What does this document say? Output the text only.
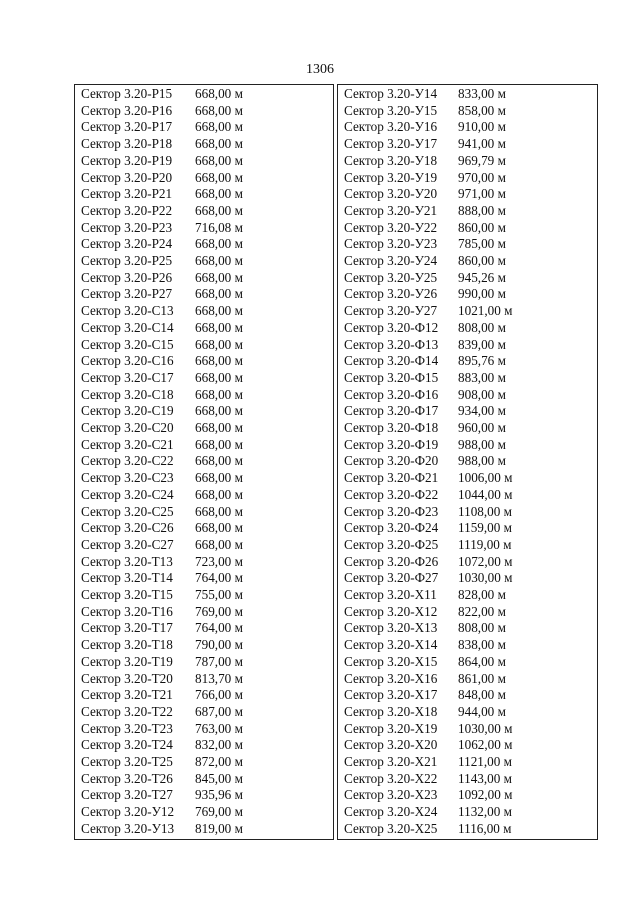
1306
Сектор 3.20-Р15 668,00 м
Сектор 3.20-Р16 668,00 м
Сектор 3.20-Р17 668,00 м
Сектор 3.20-Р18 668,00 м
Сектор 3.20-Р19 668,00 м
Сектор 3.20-Р20 668,00 м
Сектор 3.20-Р21 668,00 м
Сектор 3.20-Р22 668,00 м
Сектор 3.20-Р23 716,08 м
Сектор 3.20-Р24 668,00 м
Сектор 3.20-Р25 668,00 м
Сектор 3.20-Р26 668,00 м
Сектор 3.20-Р27 668,00 м
Сектор 3.20-С13 668,00 м
Сектор 3.20-С14 668,00 м
Сектор 3.20-С15 668,00 м
Сектор 3.20-С16 668,00 м
Сектор 3.20-С17 668,00 м
Сектор 3.20-С18 668,00 м
Сектор 3.20-С19 668,00 м
Сектор 3.20-С20 668,00 м
Сектор 3.20-С21 668,00 м
Сектор 3.20-С22 668,00 м
Сектор 3.20-С23 668,00 м
Сектор 3.20-С24 668,00 м
Сектор 3.20-С25 668,00 м
Сектор 3.20-С26 668,00 м
Сектор 3.20-С27 668,00 м
Сектор 3.20-Т13 723,00 м
Сектор 3.20-Т14 764,00 м
Сектор 3.20-Т15 755,00 м
Сектор 3.20-Т16 769,00 м
Сектор 3.20-Т17 764,00 м
Сектор 3.20-Т18 790,00 м
Сектор 3.20-Т19 787,00 м
Сектор 3.20-Т20 813,70 м
Сектор 3.20-Т21 766,00 м
Сектор 3.20-Т22 687,00 м
Сектор 3.20-Т23 763,00 м
Сектор 3.20-Т24 832,00 м
Сектор 3.20-Т25 872,00 м
Сектор 3.20-Т26 845,00 м
Сектор 3.20-Т27 935,96 м
Сектор 3.20-У12 769,00 м
Сектор 3.20-У13 819,00 м
Сектор 3.20-У14 833,00 м
Сектор 3.20-У15 858,00 м
Сектор 3.20-У16 910,00 м
Сектор 3.20-У17 941,00 м
Сектор 3.20-У18 969,79 м
Сектор 3.20-У19 970,00 м
Сектор 3.20-У20 971,00 м
Сектор 3.20-У21 888,00 м
Сектор 3.20-У22 860,00 м
Сектор 3.20-У23 785,00 м
Сектор 3.20-У24 860,00 м
Сектор 3.20-У25 945,26 м
Сектор 3.20-У26 990,00 м
Сектор 3.20-У27 1021,00 м
Сектор 3.20-Ф12 808,00 м
Сектор 3.20-Ф13 839,00 м
Сектор 3.20-Ф14 895,76 м
Сектор 3.20-Ф15 883,00 м
Сектор 3.20-Ф16 908,00 м
Сектор 3.20-Ф17 934,00 м
Сектор 3.20-Ф18 960,00 м
Сектор 3.20-Ф19 988,00 м
Сектор 3.20-Ф20 988,00 м
Сектор 3.20-Ф21 1006,00 м
Сектор 3.20-Ф22 1044,00 м
Сектор 3.20-Ф23 1108,00 м
Сектор 3.20-Ф24 1159,00 м
Сектор 3.20-Ф25 1119,00 м
Сектор 3.20-Ф26 1072,00 м
Сектор 3.20-Ф27 1030,00 м
Сектор 3.20-Х11 828,00 м
Сектор 3.20-Х12 822,00 м
Сектор 3.20-Х13 808,00 м
Сектор 3.20-Х14 838,00 м
Сектор 3.20-Х15 864,00 м
Сектор 3.20-Х16 861,00 м
Сектор 3.20-Х17 848,00 м
Сектор 3.20-Х18 944,00 м
Сектор 3.20-Х19 1030,00 м
Сектор 3.20-Х20 1062,00 м
Сектор 3.20-Х21 1121,00 м
Сектор 3.20-Х22 1143,00 м
Сектор 3.20-Х23 1092,00 м
Сектор 3.20-Х24 1132,00 м
Сектор 3.20-Х25 1116,00 м
